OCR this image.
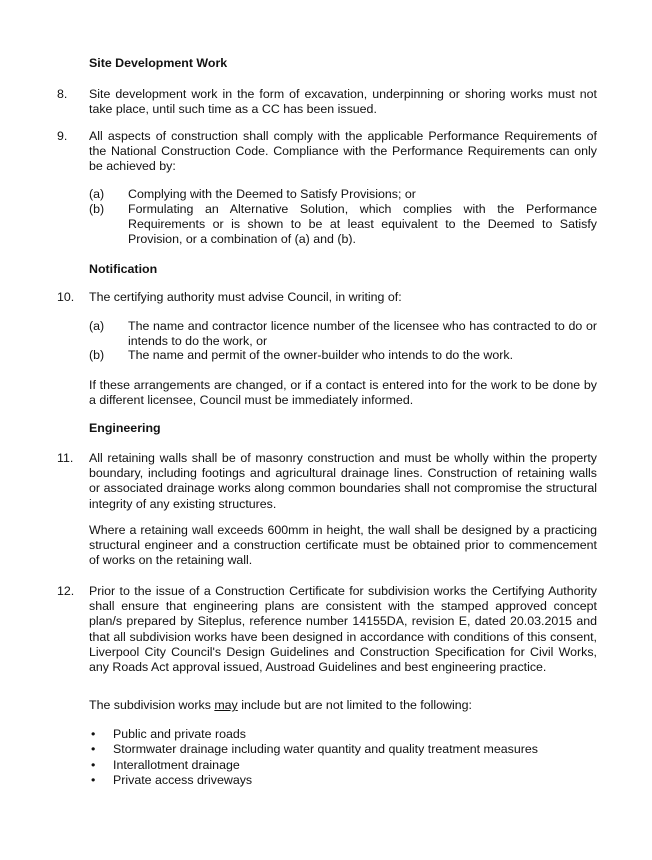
Site Development Work
8. Site development work in the form of excavation, underpinning or shoring works must not take place, until such time as a CC has been issued.
9. All aspects of construction shall comply with the applicable Performance Requirements of the National Construction Code. Compliance with the Performance Requirements can only be achieved by:
(a) Complying with the Deemed to Satisfy Provisions; or
(b) Formulating an Alternative Solution, which complies with the Performance Requirements or is shown to be at least equivalent to the Deemed to Satisfy Provision, or a combination of (a) and (b).
Notification
10. The certifying authority must advise Council, in writing of:
(a) The name and contractor licence number of the licensee who has contracted to do or intends to do the work, or
(b) The name and permit of the owner-builder who intends to do the work.
If these arrangements are changed, or if a contact is entered into for the work to be done by a different licensee, Council must be immediately informed.
Engineering
11. All retaining walls shall be of masonry construction and must be wholly within the property boundary, including footings and agricultural drainage lines. Construction of retaining walls or associated drainage works along common boundaries shall not compromise the structural integrity of any existing structures.
Where a retaining wall exceeds 600mm in height, the wall shall be designed by a practicing structural engineer and a construction certificate must be obtained prior to commencement of works on the retaining wall.
12. Prior to the issue of a Construction Certificate for subdivision works the Certifying Authority shall ensure that engineering plans are consistent with the stamped approved concept plan/s prepared by Siteplus, reference number 14155DA, revision E, dated 20.03.2015 and that all subdivision works have been designed in accordance with conditions of this consent, Liverpool City Council's Design Guidelines and Construction Specification for Civil Works, any Roads Act approval issued, Austroad Guidelines and best engineering practice.
The subdivision works may include but are not limited to the following:
• Public and private roads
• Stormwater drainage including water quantity and quality treatment measures
• Interallotment drainage
• Private access driveways
